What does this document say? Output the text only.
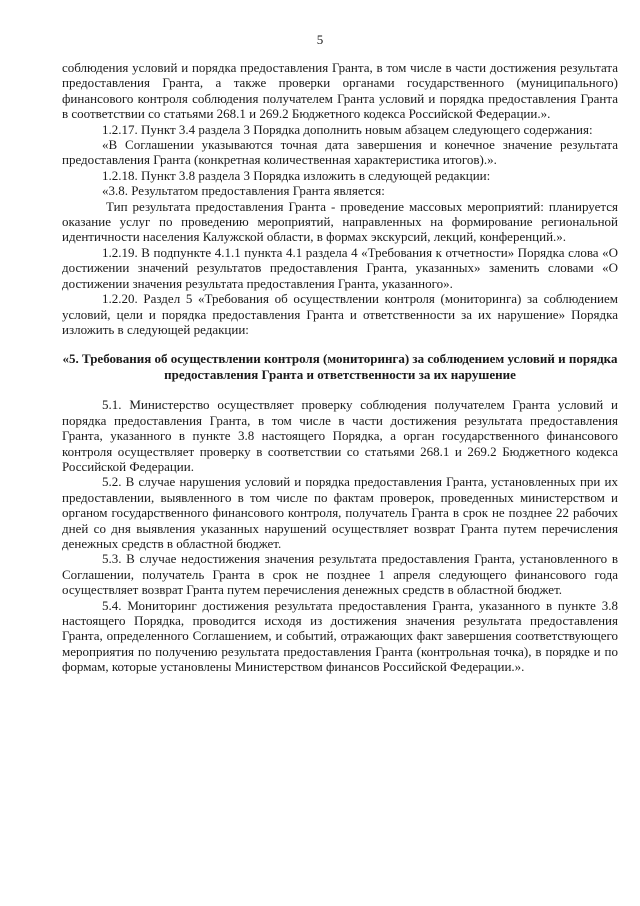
5

соблюдения условий и порядка предоставления Гранта, в том числе в части достижения результата предоставления Гранта, а также проверки органами государственного (муниципального) финансового контроля соблюдения получателем Гранта условий и порядка предоставления Гранта в соответствии со статьями 268.1 и 269.2 Бюджетного кодекса Российской Федерации.».

1.2.17. Пункт 3.4 раздела 3 Порядка дополнить новым абзацем следующего содержания:

«В Соглашении указываются точная дата завершения и конечное значение результата предоставления Гранта (конкретная количественная характеристика итогов).».

1.2.18. Пункт 3.8 раздела 3 Порядка изложить в следующей редакции:

«3.8. Результатом предоставления Гранта является:

Тип результата предоставления Гранта - проведение массовых мероприятий: планируется оказание услуг по проведению мероприятий, направленных на формирование региональной идентичности населения Калужской области, в формах экскурсий, лекций, конференций.».

1.2.19. В подпункте 4.1.1 пункта 4.1 раздела 4 «Требования к отчетности» Порядка слова «О достижении значений результатов предоставления Гранта, указанных» заменить словами «О достижении значения результата предоставления Гранта, указанного».

1.2.20. Раздел 5 «Требования об осуществлении контроля (мониторинга) за соблюдением условий, цели и порядка предоставления Гранта и ответственности за их нарушение» Порядка изложить в следующей редакции:

«5. Требования об осуществлении контроля (мониторинга) за соблюдением условий и порядка предоставления Гранта и ответственности за их нарушение

5.1. Министерство осуществляет проверку соблюдения получателем Гранта условий и порядка предоставления Гранта, в том числе в части достижения результата предоставления Гранта, указанного в пункте 3.8 настоящего Порядка, а орган государственного финансового контроля осуществляет проверку в соответствии со статьями 268.1 и 269.2 Бюджетного кодекса Российской Федерации.

5.2. В случае нарушения условий и порядка предоставления Гранта, установленных при их предоставлении, выявленного в том числе по фактам проверок, проведенных министерством и органом государственного финансового контроля, получатель Гранта в срок не позднее 22 рабочих дней со дня выявления указанных нарушений осуществляет возврат Гранта путем перечисления денежных средств в областной бюджет.

5.3. В случае недостижения значения результата предоставления Гранта, установленного в Соглашении, получатель Гранта в срок не позднее 1 апреля следующего финансового года осуществляет возврат Гранта путем перечисления денежных средств в областной бюджет.

5.4. Мониторинг достижения результата предоставления Гранта, указанного в пункте 3.8 настоящего Порядка, проводится исходя из достижения значения результата предоставления Гранта, определенного Соглашением, и событий, отражающих факт завершения соответствующего мероприятия по получению результата предоставления Гранта (контрольная точка), в порядке и по формам, которые установлены Министерством финансов Российской Федерации.».
